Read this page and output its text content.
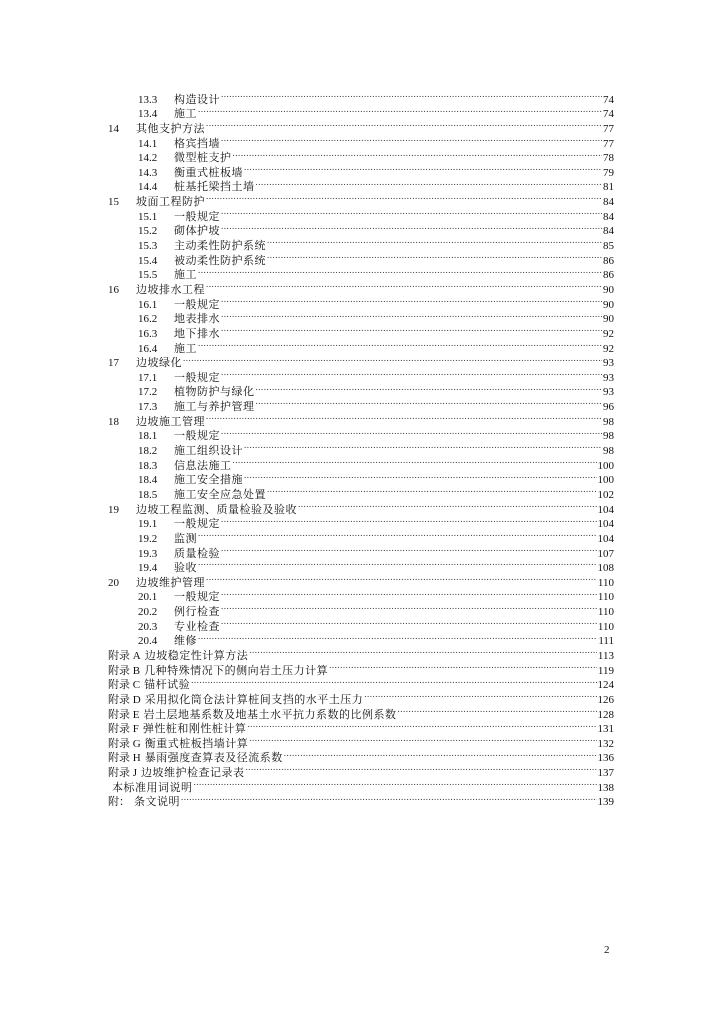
13.3	构造设计 .....	74
13.4	施工 .....	74
14	其他支护方法 .....	77
14.1	格宾挡墙 .....	77
14.2	微型桩支护 .....	78
14.3	衡重式桩板墙 .....	79
14.4	桩基托梁挡土墙 .....	81
15	坡面工程防护 .....	84
15.1	一般规定 .....	84
15.2	砌体护坡 .....	84
15.3	主动柔性防护系统 .....	85
15.4	被动柔性防护系统 .....	86
15.5	施工 .....	86
16	边坡排水工程 .....	90
16.1	一般规定 .....	90
16.2	地表排水 .....	90
16.3	地下排水 .....	92
16.4	施工 .....	92
17	边坡绿化 .....	93
17.1	一般规定 .....	93
17.2	植物防护与绿化 .....	93
17.3	施工与养护管理 .....	96
18	边坡施工管理 .....	98
18.1	一般规定 .....	98
18.2	施工组织设计 .....	98
18.3	信息法施工 .....	100
18.4	施工安全措施 .....	100
18.5	施工安全应急处置 .....	102
19	边坡工程监测、质量检验及验收 .....	104
19.1	一般规定 .....	104
19.2	监测 .....	104
19.3	质量检验 .....	107
19.4	验收 .....	108
20	边坡维护管理 .....	110
20.1	一般规定 .....	110
20.2	例行检查 .....	110
20.3	专业检查 .....	110
20.4	维修 .....	111
附录 A 边坡稳定性计算方法 .....	113
附录 B 几种特殊情况下的侧向岩土压力计算 .....	119
附录 C 锚杆试验 .....	124
附录 D 采用拟化筒仓法计算桩间支挡的水平土压力 .....	126
附录 E 岩土层地基系数及地基土水平抗力系数的比例系数 .....	128
附录 F 弹性桩和刚性桩计算 .....	131
附录 G 衡重式桩板挡墙计算 .....	132
附录 H 暴雨强度查算表及径流系数 .....	136
附录 J 边坡维护检查记录表 .....	137
本标准用词说明 .....	138
附： 条文说明 .....	139
2
